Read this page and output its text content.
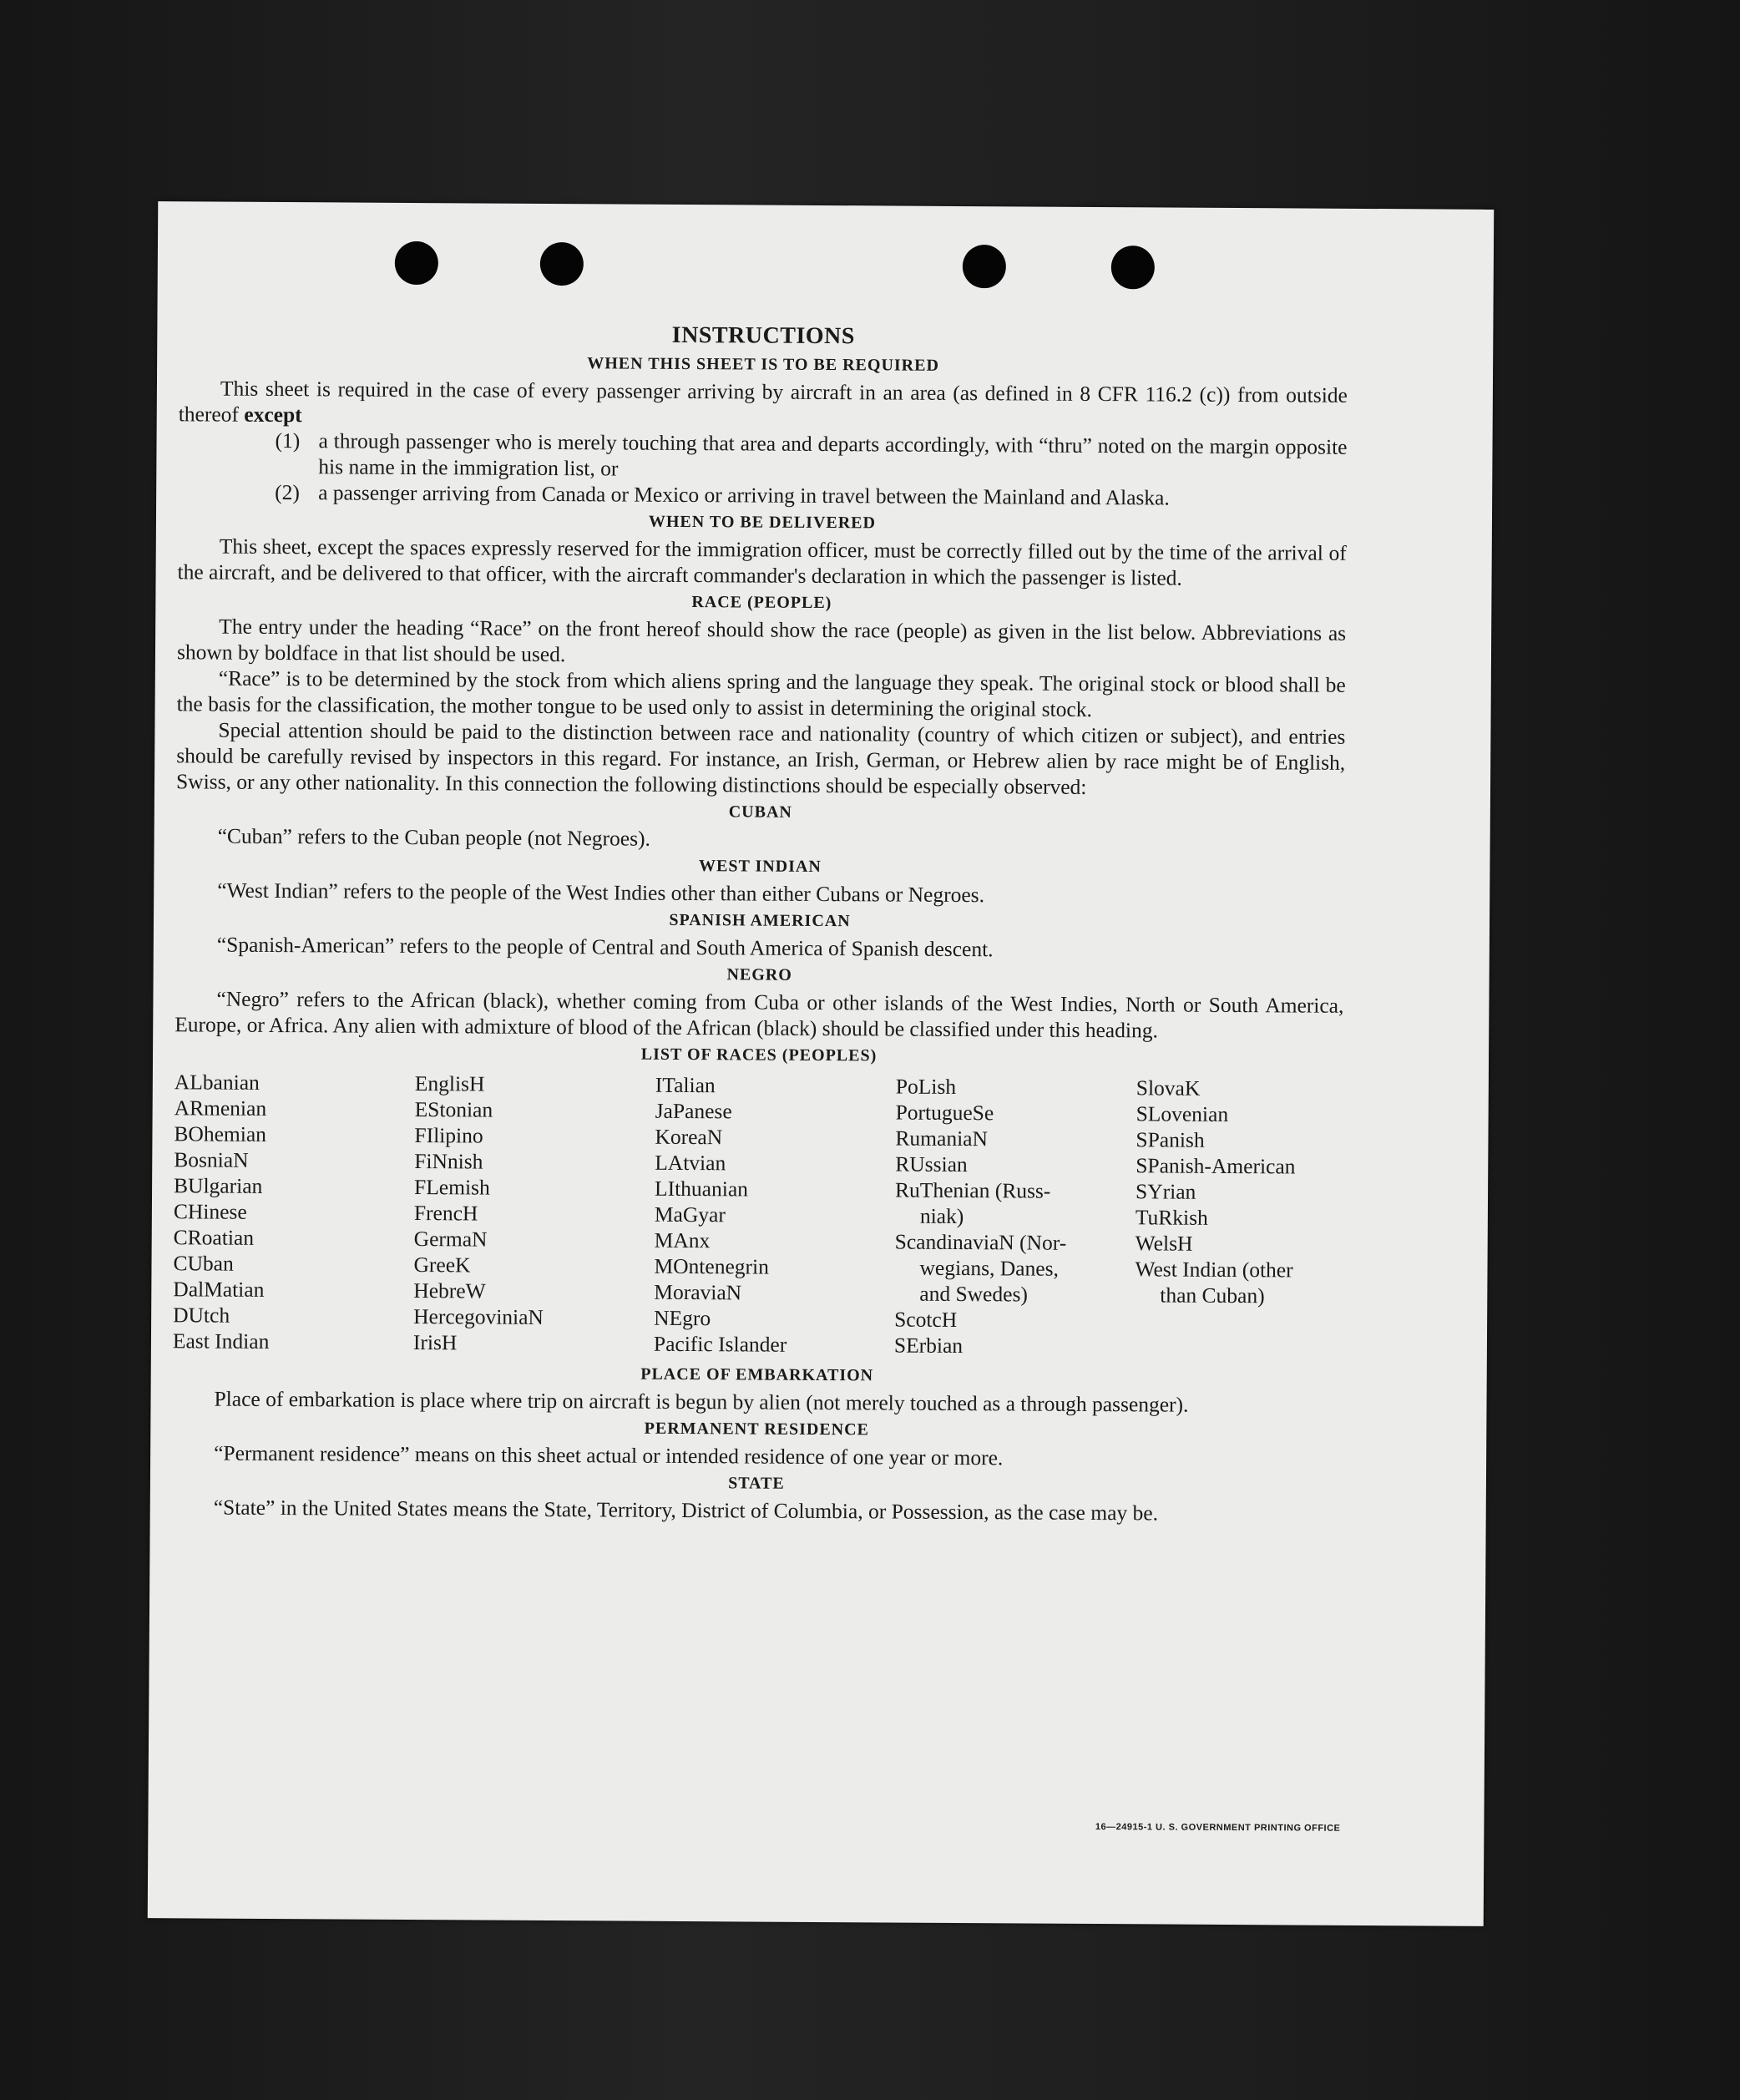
INSTRUCTIONS
WHEN THIS SHEET IS TO BE REQUIRED

This sheet is required in the case of every passenger arriving by aircraft in an area (as defined in 8 CFR 116.2 (c)) from outside thereof except

(1) a through passenger who is merely touching that area and departs accordingly, with “thru” noted on the margin opposite his name in the immigration list, or
(2) a passenger arriving from Canada or Mexico or arriving in travel between the Mainland and Alaska.
WHEN TO BE DELIVERED

This sheet, except the spaces expressly reserved for the immigration officer, must be correctly filled out by the time of the arrival of the aircraft, and be delivered to that officer, with the aircraft commander's declaration in which the passenger is listed.

RACE (PEOPLE)

The entry under the heading “Race” on the front hereof should show the race (people) as given in the list below. Abbreviations as shown by boldface in that list should be used.

“Race” is to be determined by the stock from which aliens spring and the language they speak. The original stock or blood shall be the basis for the classification, the mother tongue to be used only to assist in determining the original stock.

Special attention should be paid to the distinction between race and nationality (country of which citizen or subject), and entries should be carefully revised by inspectors in this regard. For instance, an Irish, German, or Hebrew alien by race might be of English, Swiss, or any other nationality. In this connection the following distinctions should be especially observed:

CUBAN

“Cuban” refers to the Cuban people (not Negroes).

WEST INDIAN

“West Indian” refers to the people of the West Indies other than either Cubans or Negroes.

SPANISH AMERICAN

“Spanish-American” refers to the people of Central and South America of Spanish descent.

NEGRO

“Negro” refers to the African (black), whether coming from Cuba or other islands of the West Indies, North or South America, Europe, or Africa. Any alien with admixture of blood of the African (black) should be classified under this heading.

LIST OF RACES (PEOPLES)
ALbanian
ARmenian
BOhemian
BosniaN
BUlgarian
CHinese
CRoatian
CUban
DalMatian
DUtch
East Indian
EnglisH
EStonian
FIlipino
FiNnish
FLemish
FrencH
GermaN
GreeK
HebreW
HercegoviniaN
IrisH
ITalian
JaPanese
KoreaN
LAtvian
LIthuanian
MaGyar
MAnx
MOntenegrin
MoraviaN
NEgro
Pacific Islander
PoLish
PortugueSe
RumaniaN
RUssian
RuThenian (Russ-
niak)
ScandinaviaN (Nor-
wegians, Danes,
and Swedes)
ScotcH
SErbian
SlovaK
SLovenian
SPanish
SPanish-American
SYrian
TuRkish
WelsH
West Indian (other
than Cuban)
PLACE OF EMBARKATION

Place of embarkation is place where trip on aircraft is begun by alien (not merely touched as a through passenger).

PERMANENT RESIDENCE

“Permanent residence” means on this sheet actual or intended residence of one year or more.

STATE

“State” in the United States means the State, Territory, District of Columbia, or Possession, as the case may be.

16—24915-1 U. S. GOVERNMENT PRINTING OFFICE
